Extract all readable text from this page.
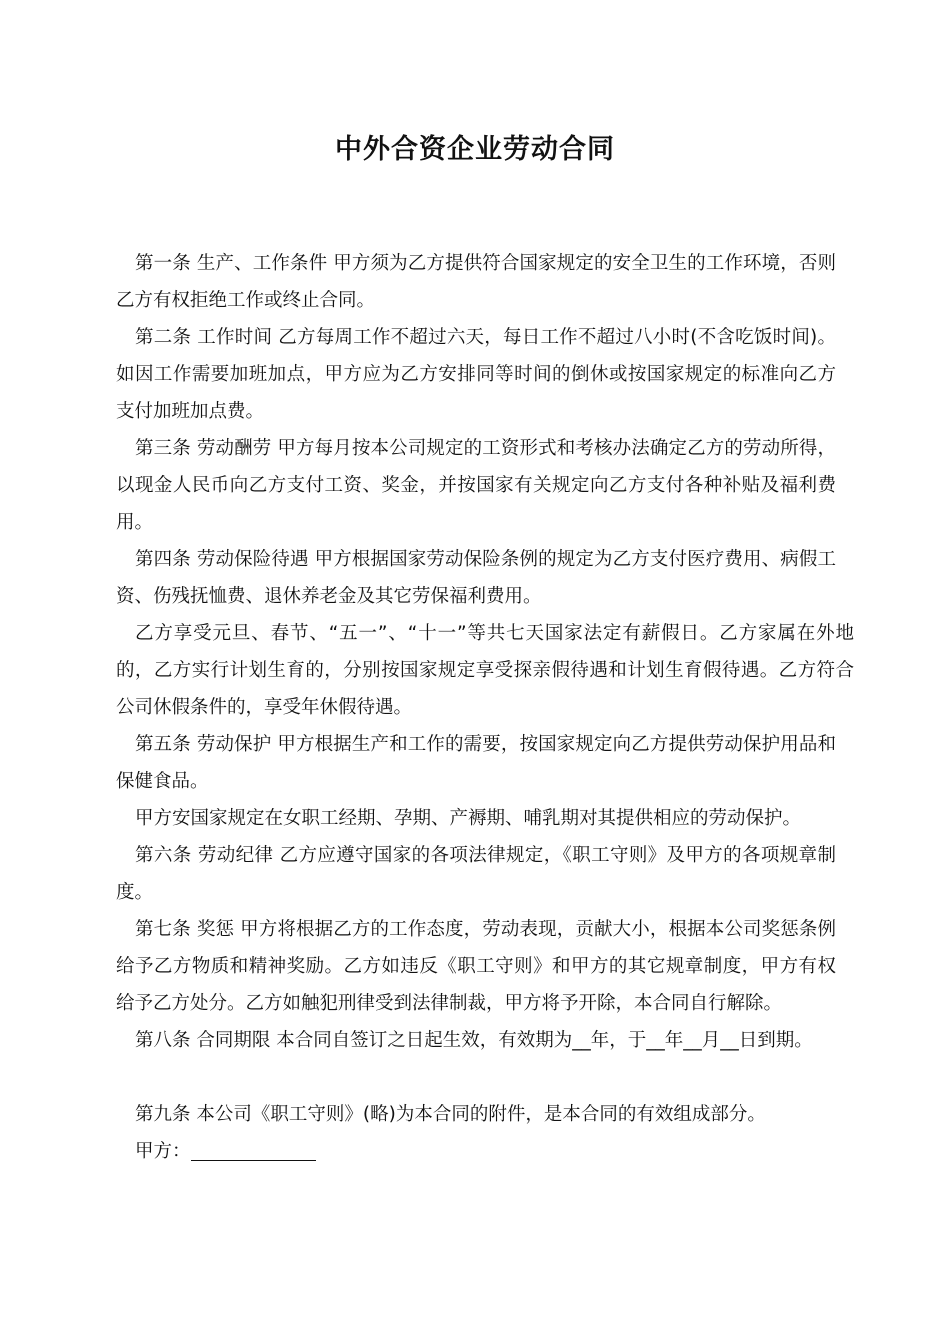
中外合资企业劳动合同

第一条 生产、工作条件 甲方须为乙方提供符合国家规定的安全卫生的工作环境，否则乙方有权拒绝工作或终止合同。

第二条 工作时间 乙方每周工作不超过六天，每日工作不超过八小时(不含吃饭时间)。如因工作需要加班加点，甲方应为乙方安排同等时间的倒休或按国家规定的标准向乙方支付加班加点费。

第三条 劳动酬劳 甲方每月按本公司规定的工资形式和考核办法确定乙方的劳动所得，以现金人民币向乙方支付工资、奖金，并按国家有关规定向乙方支付各种补贴及福利费用。

第四条 劳动保险待遇 甲方根据国家劳动保险条例的规定为乙方支付医疗费用、病假工资、伤残抚恤费、退休养老金及其它劳保福利费用。

乙方享受元旦、春节、“五一”、“十一”等共七天国家法定有薪假日。乙方家属在外地的，乙方实行计划生育的，分别按国家规定享受探亲假待遇和计划生育假待遇。乙方符合公司休假条件的，享受年休假待遇。

第五条 劳动保护 甲方根据生产和工作的需要，按国家规定向乙方提供劳动保护用品和保健食品。

甲方安国家规定在女职工经期、孕期、产褥期、哺乳期对其提供相应的劳动保护。

第六条 劳动纪律 乙方应遵守国家的各项法律规定，《职工守则》及甲方的各项规章制度。

第七条 奖惩 甲方将根据乙方的工作态度，劳动表现，贡献大小，根据本公司奖惩条例给予乙方物质和精神奖励。乙方如违反《职工守则》和甲方的其它规章制度，甲方有权给予乙方处分。乙方如触犯刑律受到法律制裁，甲方将予开除，本合同自行解除。

第八条 合同期限 本合同自签订之日起生效，有效期为__年，于__年__月__日到期。

第九条 本公司《职工守则》(略)为本合同的附件，是本合同的有效组成部分。

甲方：
